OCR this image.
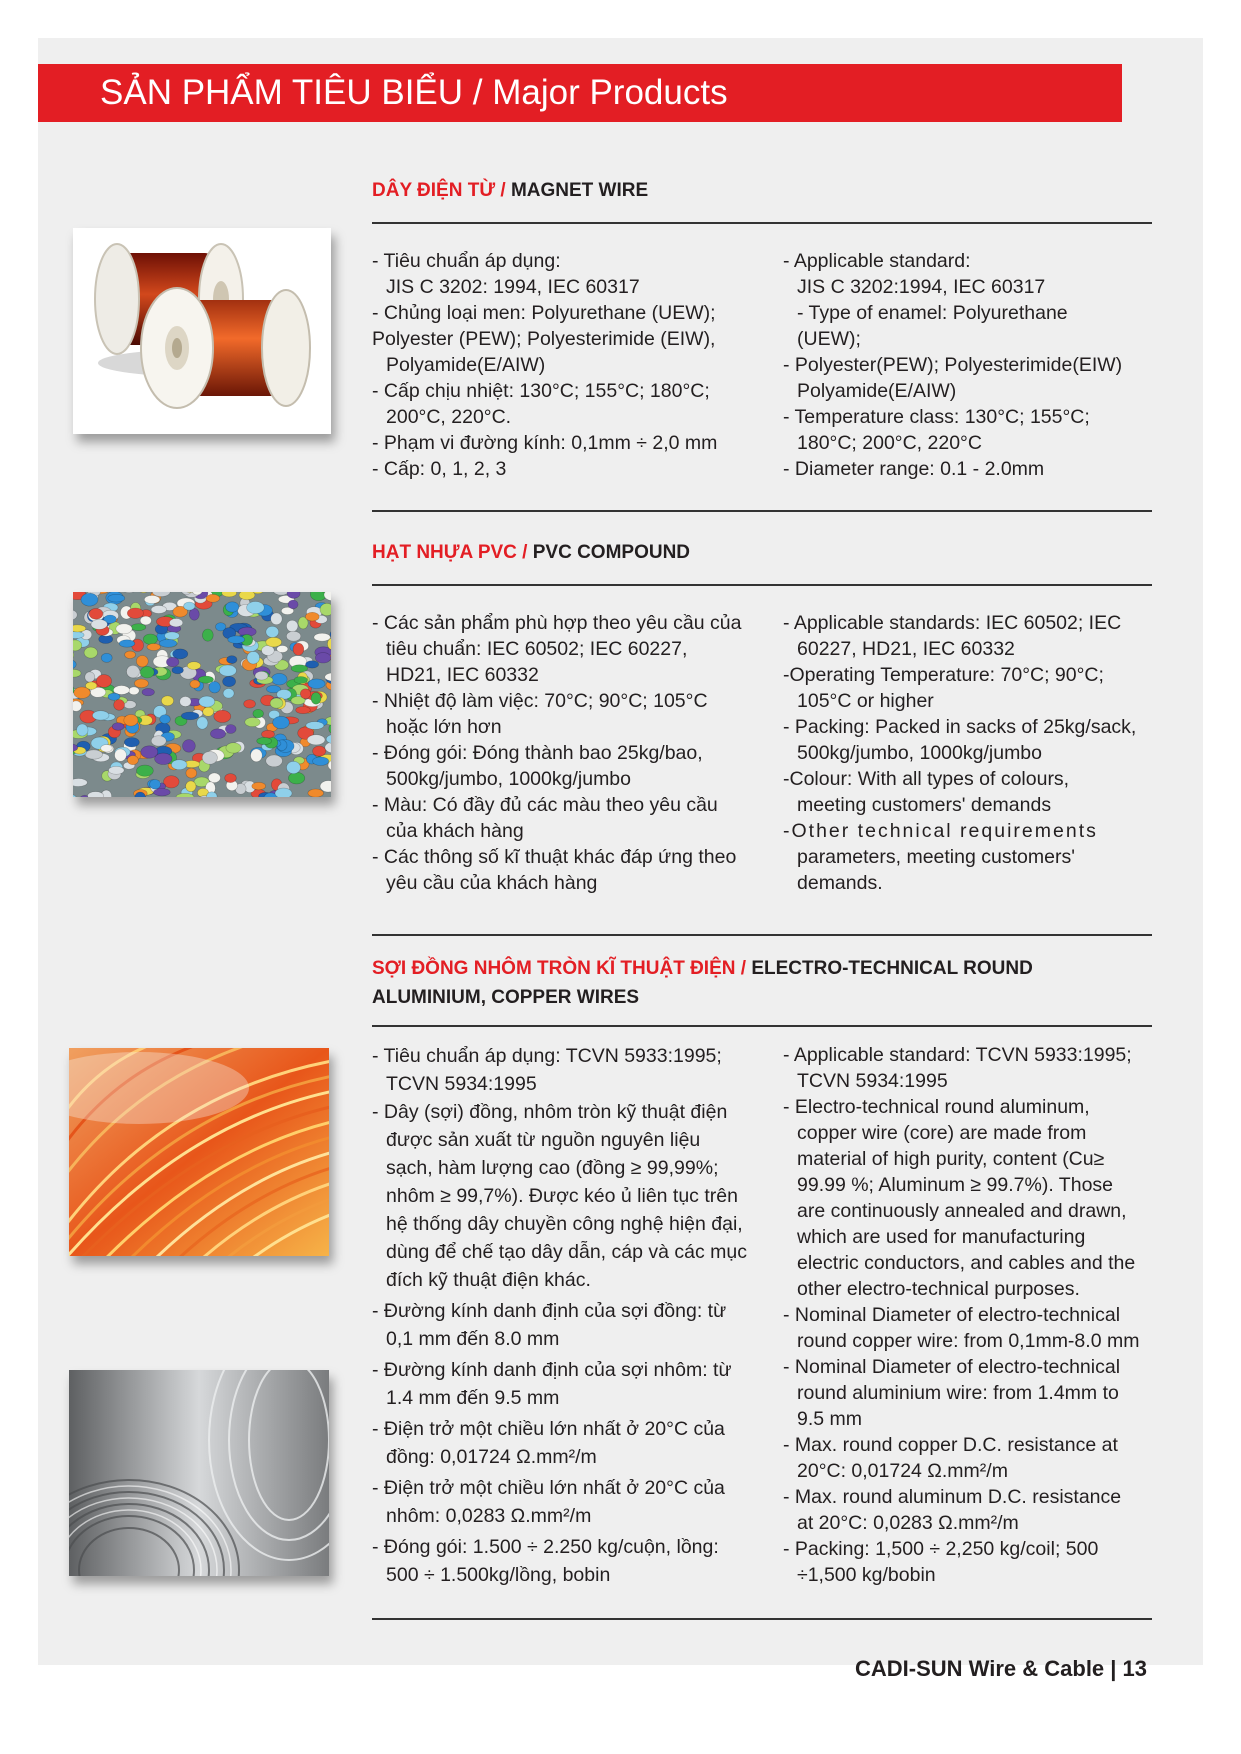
SẢN PHẨM TIÊU BIỂU / Major Products
DÂY ĐIỆN TỪ / MAGNET WIRE

- Tiêu chuẩn áp dụng:

JIS C 3202: 1994, IEC 60317

- Chủng loại men: Polyurethane (UEW);

Polyester (PEW); Polyesterimide (EIW),

Polyamide(E/AIW)

- Cấp chịu nhiệt: 130°C; 155°C; 180°C;

200°C, 220°C.

- Phạm vi đường kính: 0,1mm ÷ 2,0 mm

- Cấp: 0, 1, 2, 3

- Applicable standard:

JIS C 3202:1994, IEC 60317

- Type of enamel: Polyurethane

(UEW);

- Polyester(PEW); Polyesterimide(EIW)

Polyamide(E/AIW)

- Temperature class: 130°C; 155°C;

180°C; 200°C, 220°C

- Diameter range: 0.1 - 2.0mm

HẠT NHỰA PVC / PVC COMPOUND

- Các sản phẩm phù hợp theo yêu cầu của

tiêu chuẩn: IEC 60502; IEC 60227,

HD21, IEC 60332

- Nhiệt độ làm việc: 70°C; 90°C; 105°C

hoặc lớn hơn

- Đóng gói: Đóng thành bao 25kg/bao,

500kg/jumbo, 1000kg/jumbo

- Màu: Có đầy đủ các màu theo yêu cầu

của khách hàng

- Các thông số kĩ thuật khác đáp ứng theo

yêu cầu của khách hàng

- Applicable standards: IEC 60502; IEC

60227, HD21, IEC 60332

-Operating Temperature: 70°C; 90°C;

105°C or higher

- Packing: Packed in sacks of 25kg/sack,

500kg/jumbo, 1000kg/jumbo

-Colour: With all types of colours,

meeting customers' demands

-Other technical requirements

parameters, meeting customers'

demands.

SỢI ĐỒNG NHÔM TRÒN KĨ THUẬT ĐIỆN / ELECTRO-TECHNICAL ROUND
ALUMINIUM, COPPER WIRES

- Tiêu chuẩn áp dụng: TCVN 5933:1995;

TCVN 5934:1995

- Dây (sợi) đồng, nhôm tròn kỹ thuật điện

được sản xuất từ nguồn nguyên liệu

sạch, hàm lượng cao (đồng ≥ 99,99%;

nhôm ≥ 99,7%). Được kéo ủ liên tục trên

hệ thống dây chuyền công nghệ hiện đại,

dùng để chế tạo dây dẫn, cáp và các mục

đích kỹ thuật điện khác.

- Đường kính danh định của sợi đồng: từ

0,1 mm đến 8.0 mm

- Đường kính danh định của sợi nhôm: từ

1.4 mm đến 9.5 mm

- Điện trở một chiều lớn nhất ở 20°C của

đồng: 0,01724 Ω.mm²/m

- Điện trở một chiều lớn nhất ở 20°C của

nhôm: 0,0283 Ω.mm²/m

- Đóng gói: 1.500 ÷ 2.250 kg/cuộn, lồng:

500 ÷ 1.500kg/lồng, bobin

- Applicable standard: TCVN 5933:1995;

TCVN 5934:1995

- Electro-technical round aluminum,

copper wire (core) are made from

material of high purity, content (Cu≥

99.99 %; Aluminum ≥ 99.7%). Those

are continuously annealed and drawn,

which are used for manufacturing

electric conductors, and cables and the

other electro-technical purposes.

- Nominal Diameter of electro-technical

round copper wire: from 0,1mm-8.0 mm

- Nominal Diameter of electro-technical

round aluminium wire: from 1.4mm to

9.5 mm

- Max. round copper D.C. resistance at

20°C: 0,01724 Ω.mm²/m

- Max. round aluminum D.C. resistance

at 20°C: 0,0283 Ω.mm²/m

- Packing: 1,500 ÷ 2,250 kg/coil; 500

÷1,500 kg/bobin

CADI-SUN Wire & Cable | 13
